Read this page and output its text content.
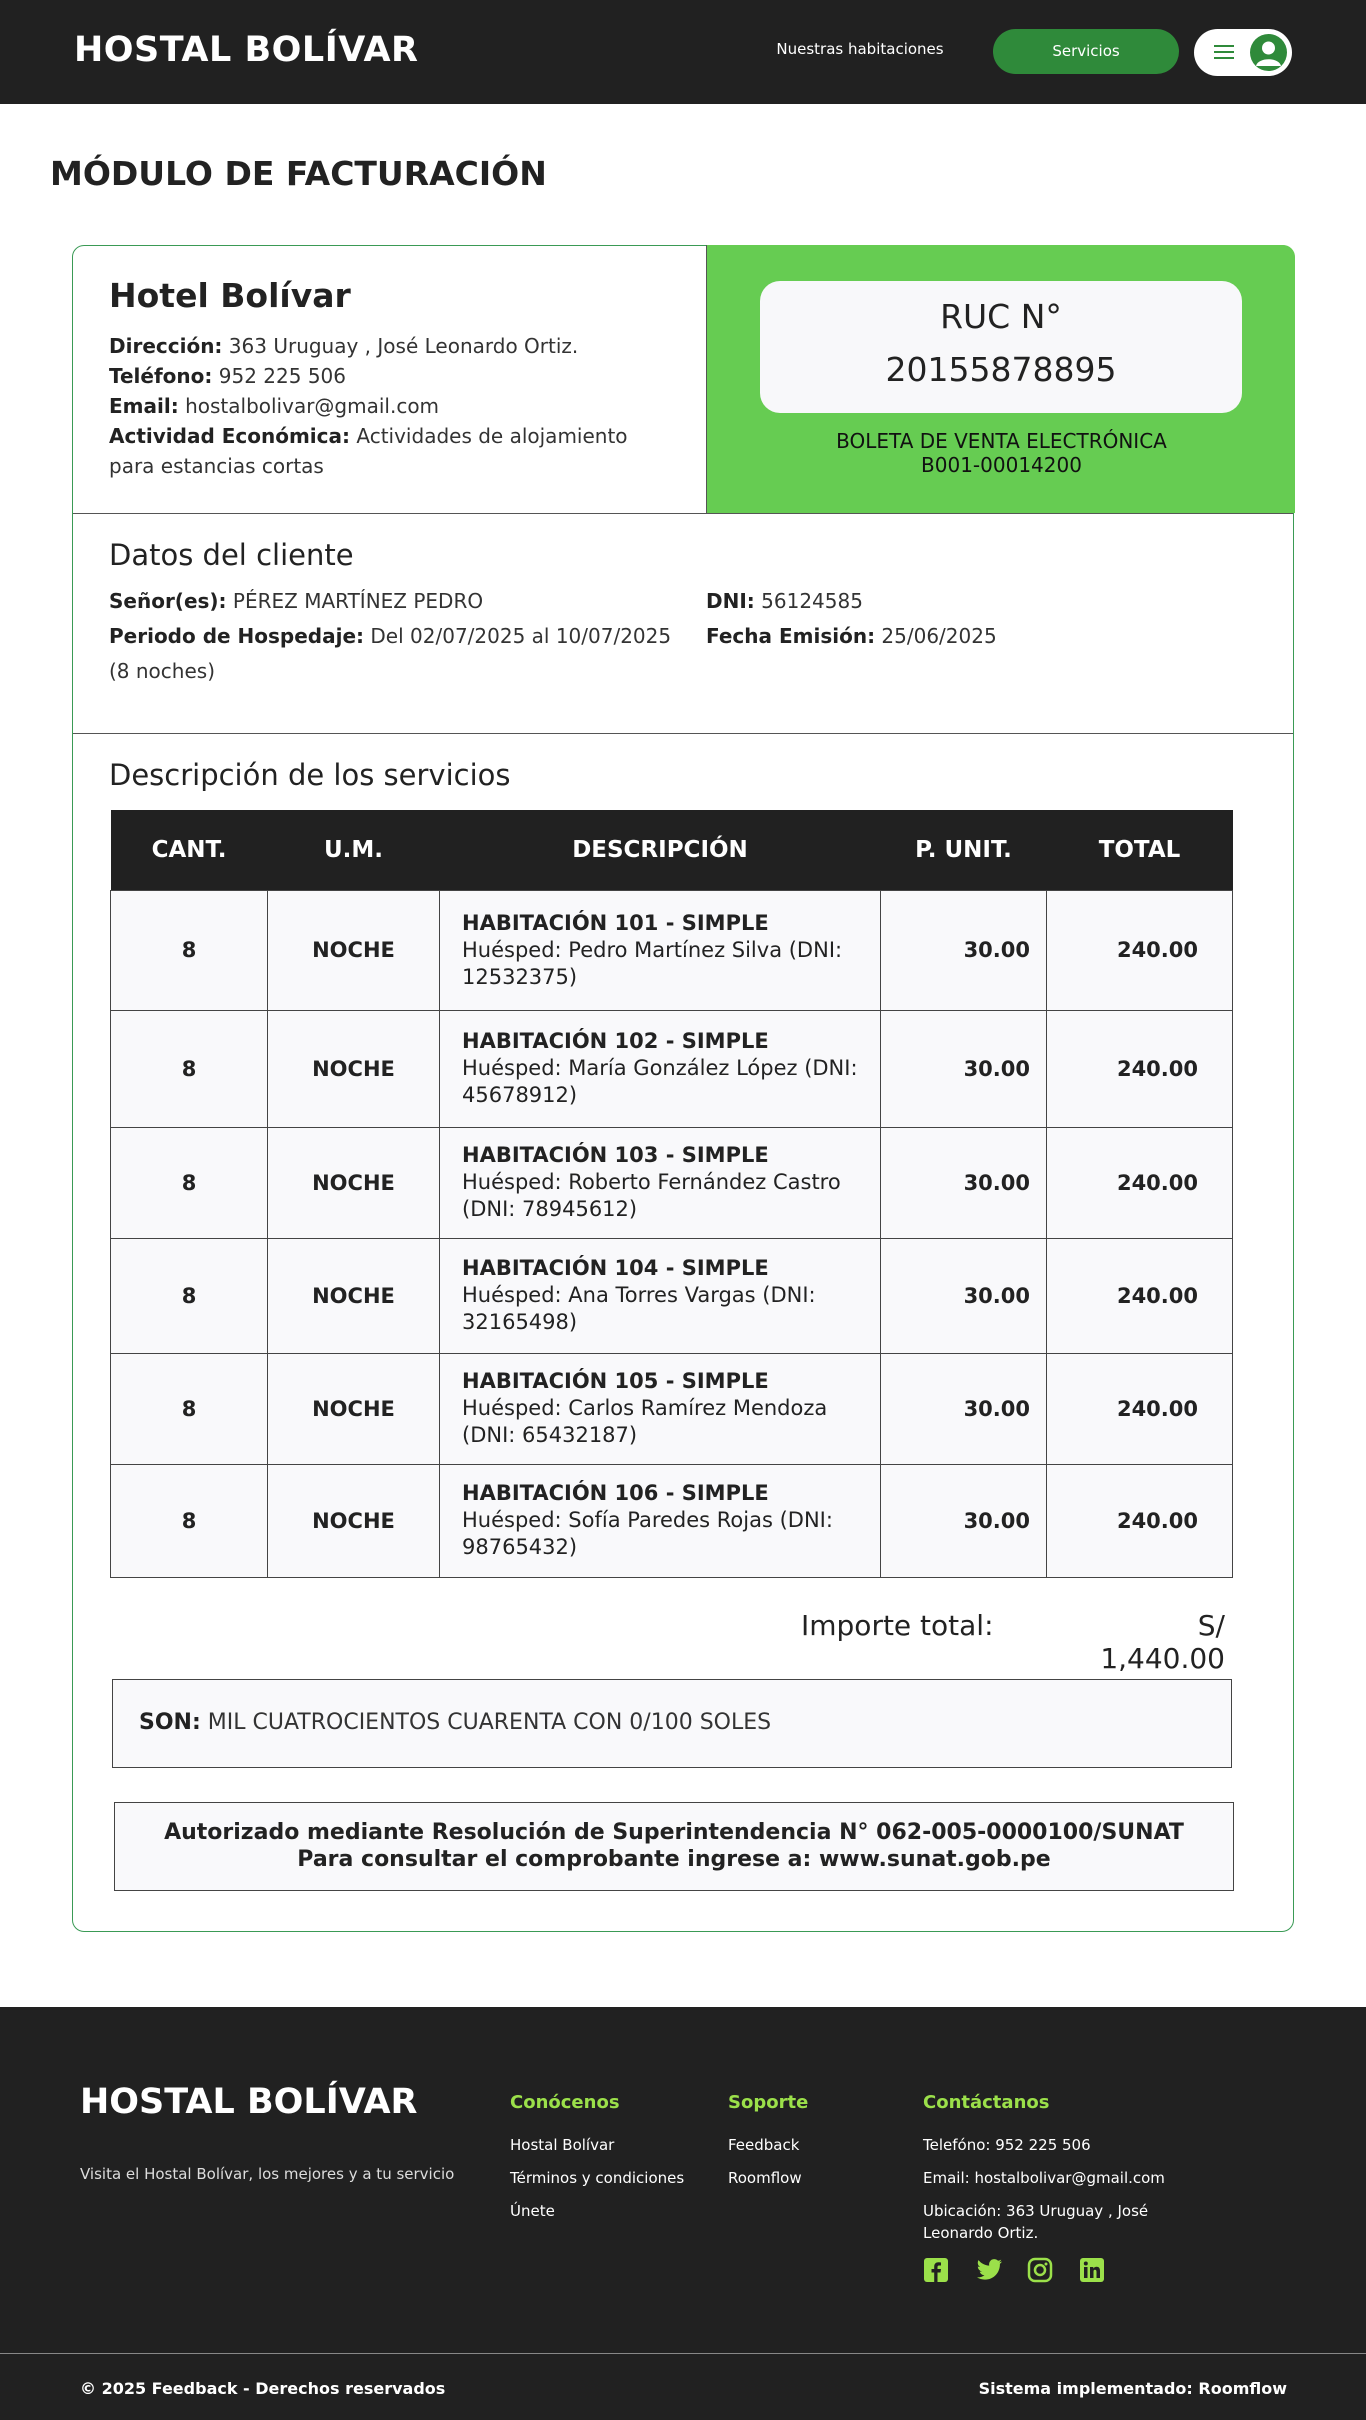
HOSTAL BOLÍVAR	Nuestras habitaciones	Servicios
MÓDULO DE FACTURACIÓN
Hotel Bolívar

Dirección: 363 Uruguay , José Leonardo Ortiz.

Teléfono: 952 225 506

Email: hostalbolivar@gmail.com

Actividad Económica: Actividades de alojamiento para estancias cortas

RUC N°
20155878895
BOLETA DE VENTA ELECTRÓNICA
B001-00014200
Datos del cliente
Señor(es): PÉREZ MARTÍNEZ PEDRO
Periodo de Hospedaje: Del 02/07/2025 al 10/07/2025 (8 noches)
DNI: 56124585
Fecha Emisión: 25/06/2025
Descripción de los servicios
CANT.	U.M.	DESCRIPCIÓN	P. UNIT.	TOTAL
8	NOCHE	HABITACIÓN 101 - SIMPLE
Huésped: Pedro Martínez Silva (DNI: 12532375)	30.00	240.00
8	NOCHE	HABITACIÓN 102 - SIMPLE
Huésped: María González López (DNI: 45678912)	30.00	240.00
8	NOCHE	HABITACIÓN 103 - SIMPLE
Huésped: Roberto Fernández Castro (DNI: 78945612)	30.00	240.00
8	NOCHE	HABITACIÓN 104 - SIMPLE
Huésped: Ana Torres Vargas (DNI: 32165498)	30.00	240.00
8	NOCHE	HABITACIÓN 105 - SIMPLE
Huésped: Carlos Ramírez Mendoza (DNI: 65432187)	30.00	240.00
8	NOCHE	HABITACIÓN 106 - SIMPLE
Huésped: Sofía Paredes Rojas (DNI: 98765432)	30.00	240.00
Importe total:	S/ 1,440.00
SON: MIL CUATROCIENTOS CUARENTA CON 0/100 SOLES
Autorizado mediante Resolución de Superintendencia N° 062-005-0000100/SUNAT
Para consultar el comprobante ingrese a: www.sunat.gob.pe
HOSTAL BOLÍVAR
Visita el Hostal Bolívar, los mejores y a tu servicio
Conócenos
Hostal Bolívar
Términos y condiciones
Únete
Soporte
Feedback
Roomflow
Contáctanos
Telefóno: 952 225 506
Email: hostalbolivar@gmail.com
Ubicación: 363 Uruguay , José Leonardo Ortiz.

© 2025 Feedback - Derechos reservados	Sistema implementado: Roomflow
